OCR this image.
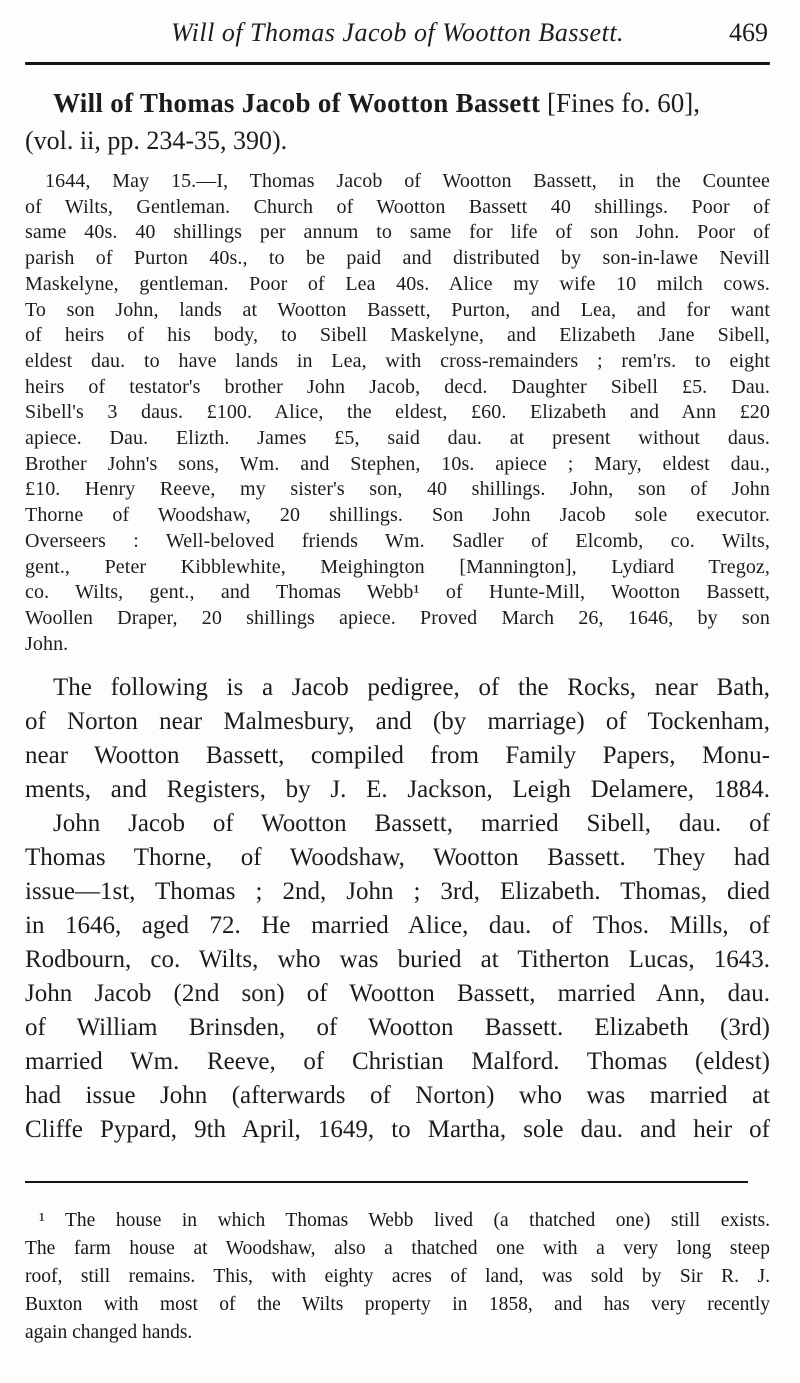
Will of Thomas Jacob of Wootton Bassett.	469
Will of Thomas Jacob of Wootton Bassett [Fines fo. 60],
(vol. ii, pp. 234-35, 390).
1644, May 15.—I, Thomas Jacob of Wootton Bassett, in the Countee
of Wilts, Gentleman. Church of Wootton Bassett 40 shillings. Poor of
same 40s. 40 shillings per annum to same for life of son John. Poor of
parish of Purton 40s., to be paid and distributed by son-in-lawe Nevill
Maskelyne, gentleman. Poor of Lea 40s. Alice my wife 10 milch cows.
To son John, lands at Wootton Bassett, Purton, and Lea, and for want
of heirs of his body, to Sibell Maskelyne, and Elizabeth Jane Sibell,
eldest dau. to have lands in Lea, with cross-remainders ; rem'rs. to eight
heirs of testator's brother John Jacob, decd. Daughter Sibell £5. Dau.
Sibell's 3 daus. £100. Alice, the eldest, £60. Elizabeth and Ann £20
apiece. Dau. Elizth. James £5, said dau. at present without daus.
Brother John's sons, Wm. and Stephen, 10s. apiece ; Mary, eldest dau.,
£10. Henry Reeve, my sister's son, 40 shillings. John, son of John
Thorne of Woodshaw, 20 shillings. Son John Jacob sole executor.
Overseers : Well-beloved friends Wm. Sadler of Elcomb, co. Wilts,
gent., Peter Kibblewhite, Meighington [Mannington], Lydiard Tregoz,
co. Wilts, gent., and Thomas Webb¹ of Hunte-Mill, Wootton Bassett,
Woollen Draper, 20 shillings apiece. Proved March 26, 1646, by son
John.
The following is a Jacob pedigree, of the Rocks, near Bath,
of Norton near Malmesbury, and (by marriage) of Tockenham,
near Wootton Bassett, compiled from Family Papers, Monu-
ments, and Registers, by J. E. Jackson, Leigh Delamere, 1884.
John Jacob of Wootton Bassett, married Sibell, dau. of
Thomas Thorne, of Woodshaw, Wootton Bassett. They had
issue—1st, Thomas ; 2nd, John ; 3rd, Elizabeth. Thomas, died
in 1646, aged 72. He married Alice, dau. of Thos. Mills, of
Rodbourn, co. Wilts, who was buried at Titherton Lucas, 1643.
John Jacob (2nd son) of Wootton Bassett, married Ann, dau.
of William Brinsden, of Wootton Bassett. Elizabeth (3rd)
married Wm. Reeve, of Christian Malford. Thomas (eldest)
had issue John (afterwards of Norton) who was married at
Cliffe Pypard, 9th April, 1649, to Martha, sole dau. and heir of
¹ The house in which Thomas Webb lived (a thatched one) still exists.
The farm house at Woodshaw, also a thatched one with a very long steep
roof, still remains. This, with eighty acres of land, was sold by Sir R. J.
Buxton with most of the Wilts property in 1858, and has very recently
again changed hands.
